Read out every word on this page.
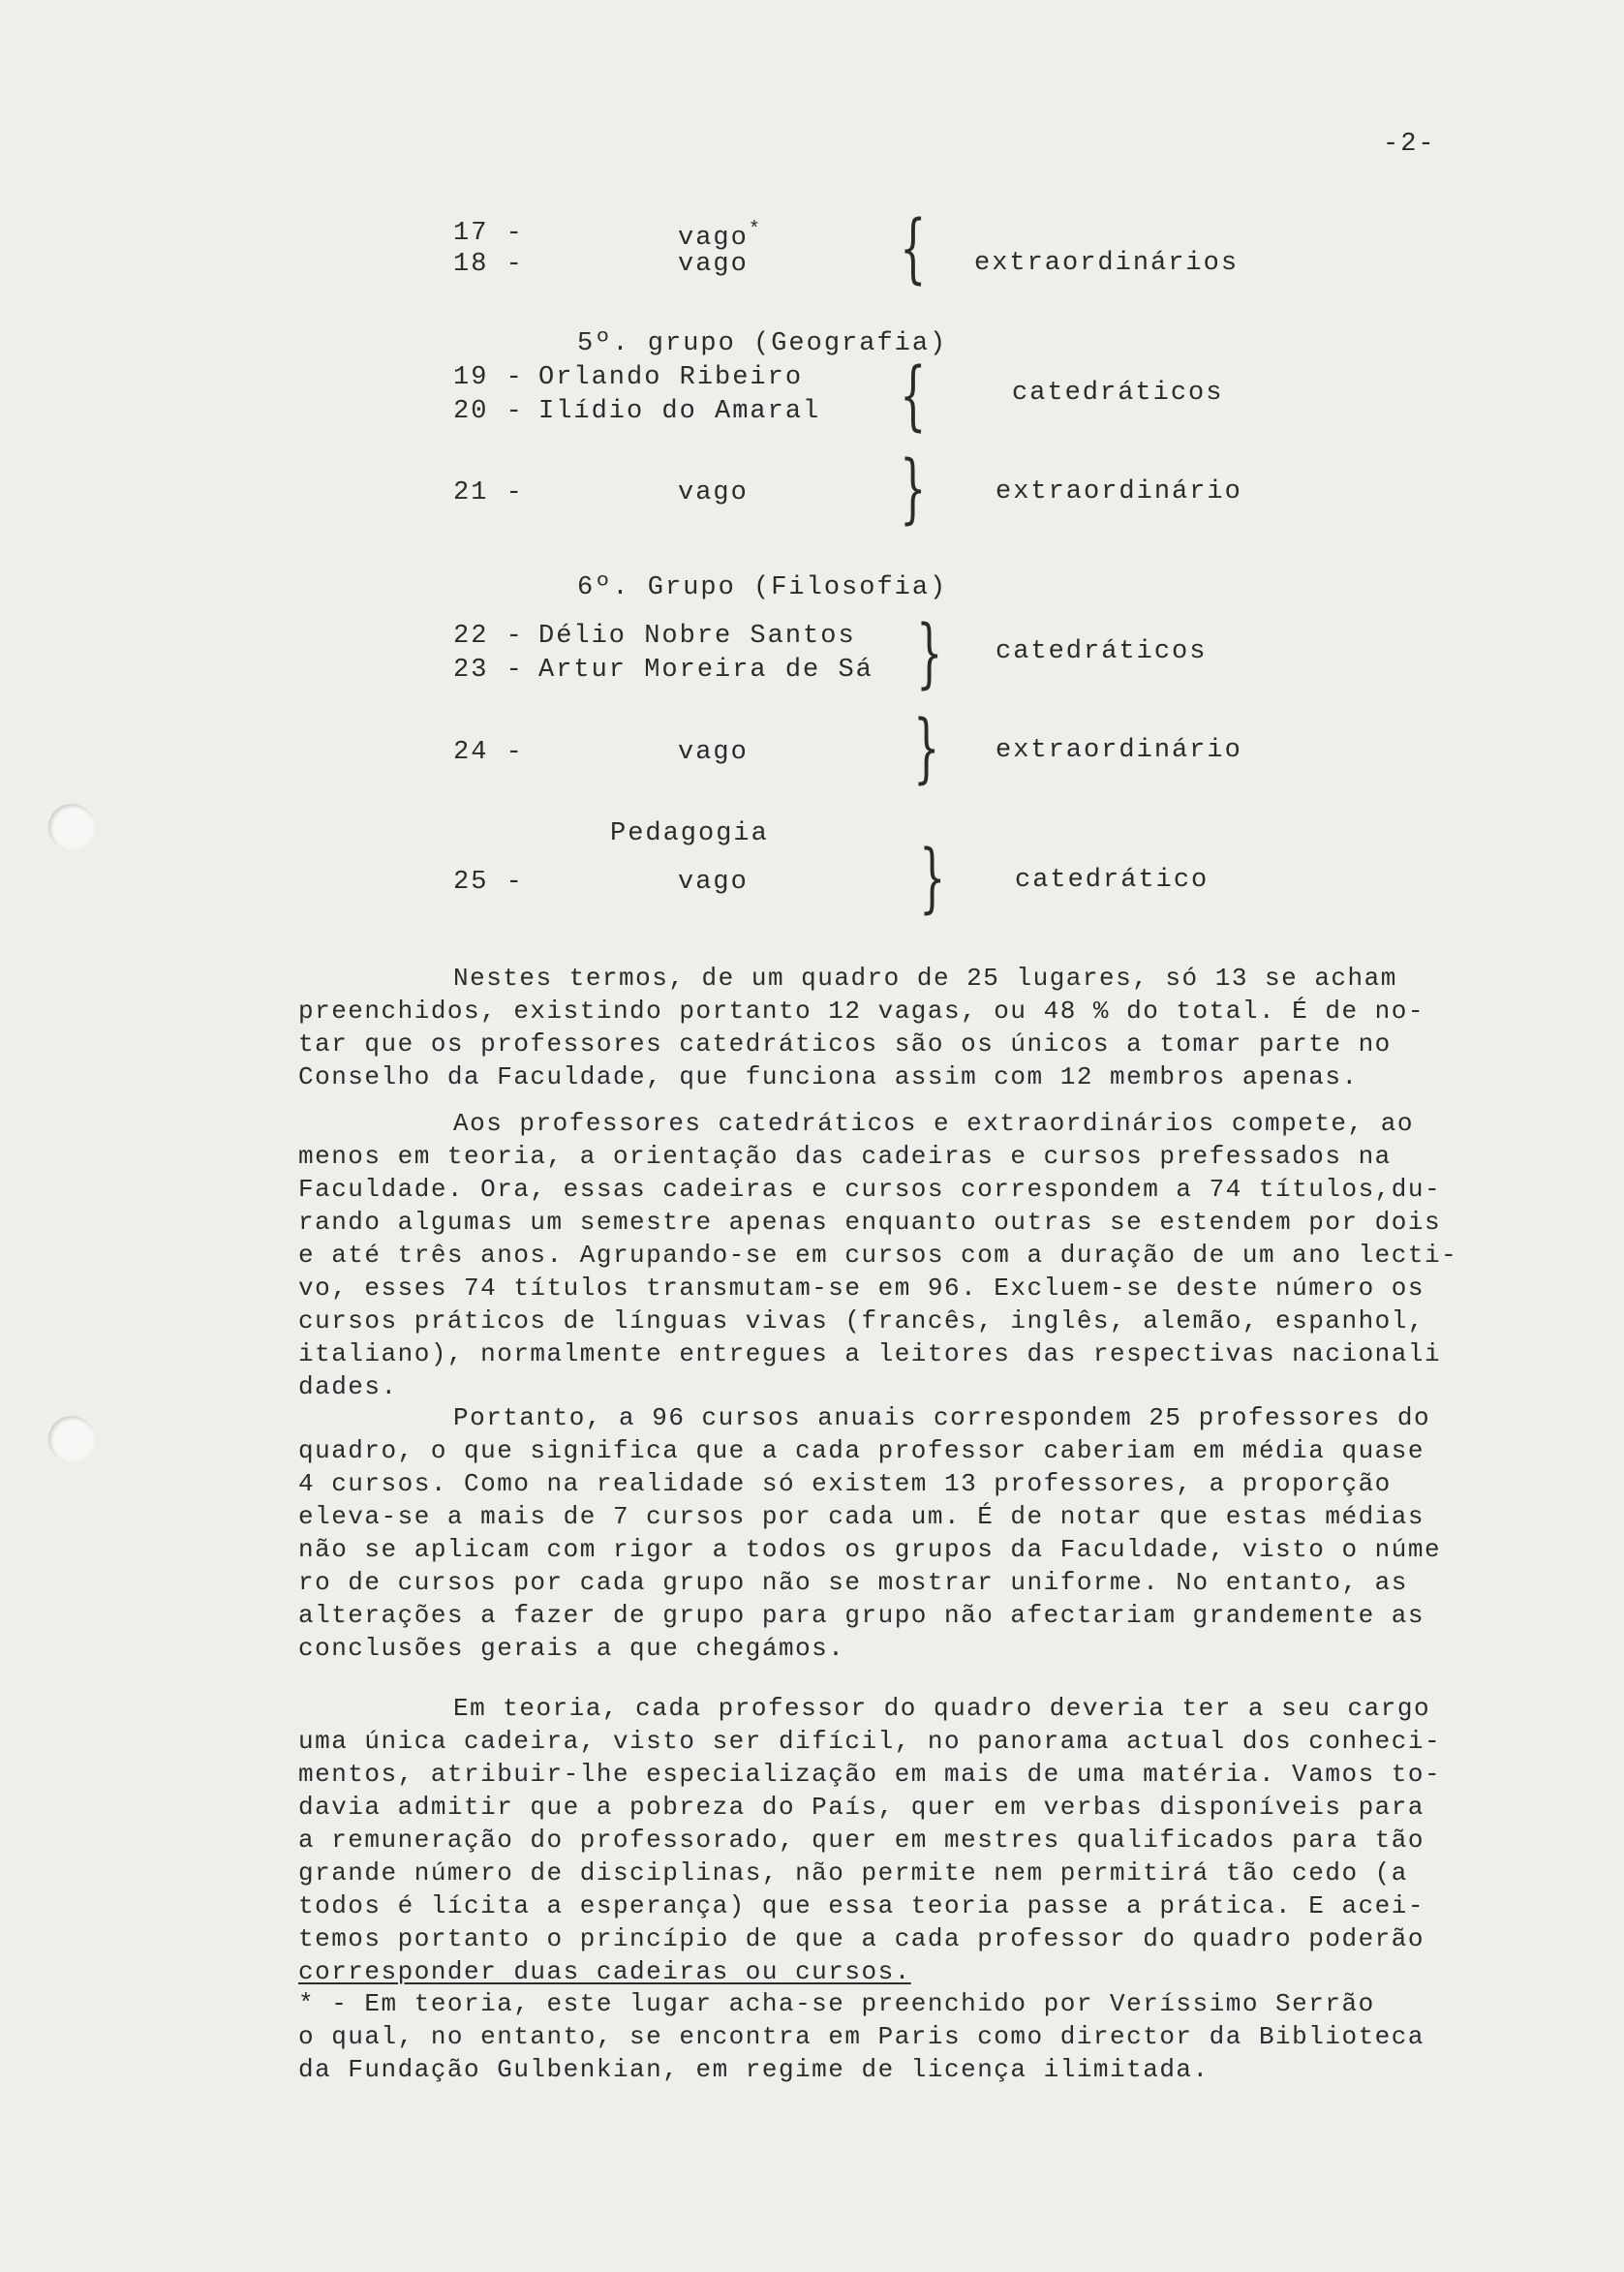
-2-
17 -	vago*
18 -	vago { extraordinários
5º. grupo (Geografia)
19 - Orlando Ribeiro
20 - Ilídio do Amaral {	catedráticos
21 -	vago }	extraordinário
6º. Grupo (Filosofia)
22 - Délio Nobre Santos
23 - Artur Moreira de Sá } catedráticos
24 -	vago } extraordinário
Pedagogia
25 -	vago }	catedrático
Nestes termos, de um quadro de 25 lugares, só 13 se acham
preenchidos, existindo portanto 12 vagas, ou 48 % do total. É de no-
tar que os professores catedráticos são os únicos a tomar parte no
Conselho da Faculdade, que funciona assim com 12 membros apenas.
Aos professores catedráticos e extraordinários compete, ao
menos em teoria, a orientação das cadeiras e cursos prefessados na
Faculdade. Ora, essas cadeiras e cursos correspondem a 74 títulos,du-
rando algumas um semestre apenas enquanto outras se estendem por dois
e até três anos. Agrupando-se em cursos com a duração de um ano lecti-
vo, esses 74 títulos transmutam-se em 96. Excluem-se deste número os
cursos práticos de línguas vivas (francês, inglês, alemão, espanhol,
italiano), normalmente entregues a leitores das respectivas nacionali
dades.
Portanto, a 96 cursos anuais correspondem 25 professores do
quadro, o que significa que a cada professor caberiam em média quase
4 cursos. Como na realidade só existem 13 professores, a proporção
eleva-se a mais de 7 cursos por cada um. É de notar que estas médias
não se aplicam com rigor a todos os grupos da Faculdade, visto o núme
ro de cursos por cada grupo não se mostrar uniforme. No entanto, as
alterações a fazer de grupo para grupo não afectariam grandemente as
conclusões gerais a que chegámos.
Em teoria, cada professor do quadro deveria ter a seu cargo
uma única cadeira, visto ser difícil, no panorama actual dos conheci-
mentos, atribuir-lhe especialização em mais de uma matéria. Vamos to-
davia admitir que a pobreza do País, quer em verbas disponíveis para
a remuneração do professorado, quer em mestres qualificados para tão
grande número de disciplinas, não permite nem permitirá tão cedo (a
todos é lícita a esperança) que essa teoria passe a prática. E acei-
temos portanto o princípio de que a cada professor do quadro poderão
corresponder duas cadeiras ou cursos.
* - Em teoria, este lugar acha-se preenchido por Veríssimo Serrão
o qual, no entanto, se encontra em Paris como director da Biblioteca
da Fundação Gulbenkian, em regime de licença ilimitada.
